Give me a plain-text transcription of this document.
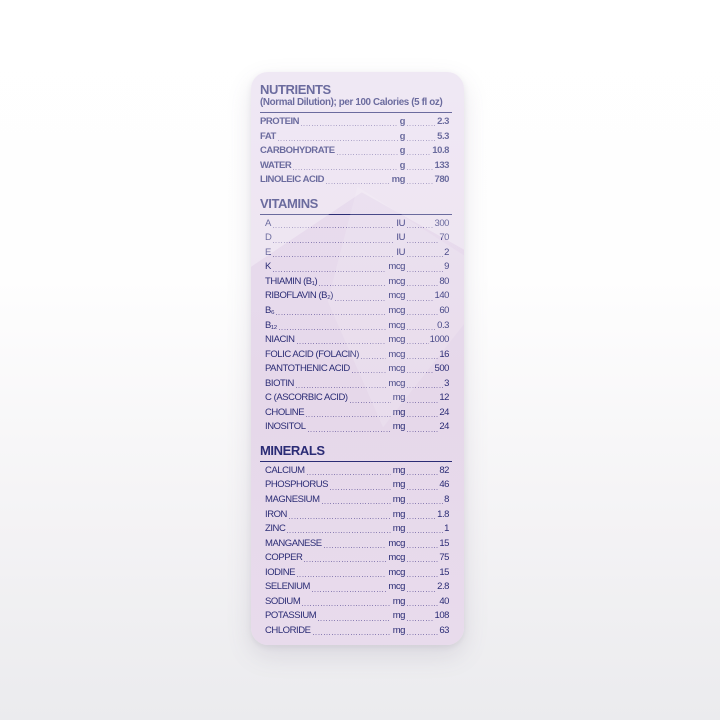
NUTRIENTS
(Normal Dilution); per 100 Calories (5 fl oz)
PROTEIN	g	2.3
FAT	g	5.3
CARBOHYDRATE	g	10.8
WATER	g	133
LINOLEIC ACID	mg	780
VITAMINS
A	IU	300
D	IU	70
E	IU	2
K	mcg	9
THIAMIN (B₁)	mcg	80
RIBOFLAVIN (B₂)	mcg	140
B₆	mcg	60
B₁₂	mcg	0.3
NIACIN	mcg	1000
FOLIC ACID (FOLACIN)	mcg	16
PANTOTHENIC ACID	mcg	500
BIOTIN	mcg	3
C (ASCORBIC ACID)	mg	12
CHOLINE	mg	24
INOSITOL	mg	24
MINERALS
CALCIUM	mg	82
PHOSPHORUS	mg	46
MAGNESIUM	mg	8
IRON	mg	1.8
ZINC	mg	1
MANGANESE	mcg	15
COPPER	mcg	75
IODINE	mcg	15
SELENIUM	mcg	2.8
SODIUM	mg	40
POTASSIUM	mg	108
CHLORIDE	mg	63
